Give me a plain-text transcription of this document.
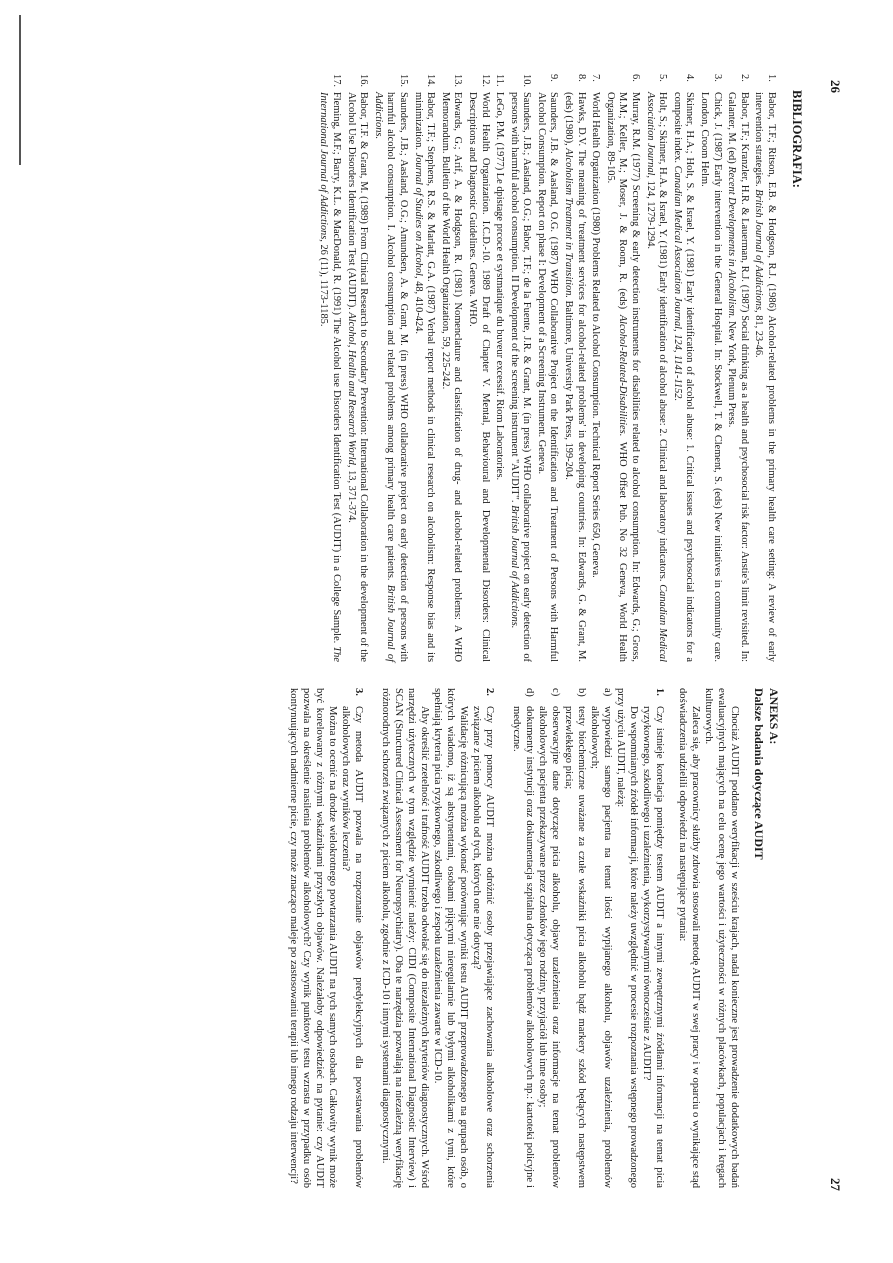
26
BIBLIOGRAFIA:
1.
Babor, T.F.; Ritson, E.B. & Hodgson, R.J. (1986) Alcohol-related problems in the primary health care setting: A review of early intervention strategies. British Journal of Addictions, 81, 23-46.
2.
Babor, T.F.; Kranzler, H.R. & Lauerman, R.J. (1987) Social drinking as a health and psychosocial risk factor: Anstie's limit revisited. In: Galanter, M. (ed) Recent Developments in Alcoholism. New York, Plenum Press.
3.
Chick, J. (1987) Early intervention in the General Hospital. In: Stockwell, T. & Clement, S. (eds) New initiatives in community care. London, Croom Helm.
4.
Skinner, H.A.; Holt, S. & Israel, Y. (1981) Early identification of alcohol abuse: 1. Critical issues and psychosocial indicators for a composite index. Canadian Medical Association Journal, 124, 1141-1152.
5.
Holt, S.; Skinner, H.A. & Israel, Y. (1981) Early identification of alcohol abuse: 2. Clinical and laboratory indicators. Canadian Medical Association Journal, 124, 1279-1294.
6.
Murray, R.M. (1977) Screening & early detection instruments for disabilities related to alcohol consumption. In: Edwards, G.; Gross, M.M.; Keller, M.; Moser, J. & Room, R. (eds) Alcohol-Related-Disabilities. WHO Offset Pub. No 32 Geneva, World Health Organization, 89-105.
7.
World Health Organization (1980) Problems Related to Alcohol Consumption. Technical Report Series 650, Geneva.
8.
Hawks, D.V. The meaning of 'treatment services for alcohol-related problems' in developing countries. In: Edwards, G. & Grant, M. (eds) (1980), Alcoholism Treatment in Transition. Baltimore, University Park Press, 199-204.
9.
Saunders, J.B. & Aasland, O.G. (1987) WHO Collaborative Project on the Identification and Treatment of Persons with Harmful Alcohol Consumption. Report on phase I: Development of a Screening Instrument. Geneva.
10.
Saunders, J.B.; Aasland, O.G.; Babor, T.F.; de la Fuente, J.R. & Grant, M. (in press) WHO collaborative project on early detection of persons with harmful alcohol consumption. II Development of the screening instrument "AUDIT". British Journal of Addictions.
11.
LeGo, P.M. (1977) Le dpistage prcoce et systmatique du buveur excessif. Riom Laboratories.
12.
World Health Organization. I.C.D.-10. 1989 Draft of Chapter V. Mental, Behavioural and Developmental Disorders: Clinical Descriptions and Diagnostic Guidelines. Geneva. WHO.
13.
Edwards, G.; Arif, A. & Hodgson, R. (1981) Nomenclature and classification of drug- and alcohol-related problems: A WHO Memorandum. Bulletin of the World Health Organization, 59, 225-242.
14.
Babor, T.F.; Stephens, R.S. & Marlatt, G.A. (1987) Verbal report methods in clinical research on alcoholism: Response bias and its minimization. Journal of Studies on Alcohol, 48, 410-424.
15.
Saunders, J.B.; Aasland, O.G.; Amundsen, A. & Grant, M. (in press) WHO collaborative project on early detection of persons with harmful alcohol consumption. I. Alcohol consumption and related problems among primary health care patients. British Journal of Addictions.
16.
Babor, T.F. & Grant, M. (1989) From Clinical Research to Secondary Prevention: International Collaboration in the development of the Alcohol Use Disorders Identification Test (AUDIT). Alcohol, Health and Research World, 13, 371-374.
17.
Fleming, M.F.; Barry, K.L. & MacDonald, R. (1991) The Alcohol use Disorders Identification Test (AUDIT) in a College Sample. The International Journal of Addictions, 26 (11), 1173-1185.
27
ANEKS A:
Dalsze badania dotyczące AUDIT

Chociaż AUDIT poddano weryfikacji w sześciu krajach, nadal konieczne jest prowadzenie dodatkowych badań ewaluacyjnych mających na celu ocenę jego wartości i użyteczności w różnych placówkach, populacjach i kręgach kulturowych.

Zaleca się, aby pracownicy służby zdrowia stosowali metodę AUDIT w swej pracy i w oparciu o wynikające stąd doświadczenia udzielili odpowiedzi na następujące pytania:

1.

Czy istnieje korelacja pomiędzy testem AUDIT a innymi zewnętrznymi źródłami informacji na temat picia ryzykownego, szkodliwego i uzależnienia, wykorzystywanymi równocześnie z AUDIT?

Do wspomnianych źródeł informacji, które należy uwzględnić w procesie rozpoznania wstępnego prowadzonego przy użyciu AUDIT, należą:

a)
wypowiedzi samego pacjenta na temat ilości wypijanego alkoholu, objawów uzależnienia, problemów alkoholowych;
b)
testy biochemiczne uważane za czułe wskaźniki picia alkoholu bądź markery szkód będących następstwem przewlekłego picia;
c)
obserwacyjne dane dotyczące picia alkoholu, objawy uzależnienia oraz informacje na temat problemów alkoholowych pacjenta przekazywane przez członków jego rodziny, przyjaciół lub inne osoby;
d)
dokumenty instytucji oraz dokumentacja szpitalna dotycząca problemów alkoholowych np.: kartoteki policyjne i medyczne.
2.

Czy przy pomocy AUDIT można odróżnić osoby przejawiające zachowania alkoholowe oraz schorzenia związane z piciem alkoholu od tych, których one nie dotyczą?

Walidację różnicującą można wykonać porównując wyniki testu AUDIT przeprowadzonego na grupach osób, o których wiadomo, iż są abstynentami, osobami pijącymi nieregularnie lub byłymi alkoholikami z tymi, które spełniają kryteria picia ryzykownego, szkodliwego i zespołu uzależnienia zawarte w ICD-10.

Aby określić rzetelność i trafność AUDIT trzeba odwołać się do niezależnych kryteriów diagnostycznych. Wśród narzędzi użytecznych w tym względzie wymienić należy: CIDI (Composite International Diagnostic Interview) i SCAN (Structured Clinical Assessment for Neuropsychiatry). Oba te narzędzia pozwalają na niezależną weryfikację różnorodnych schorzeń związanych z piciem alkoholu, zgodnie z ICD-10 i innymi systemami diagnostycznymi.

3.

Czy metoda AUDIT pozwala na rozpoznanie objawów predylekcyjnych dla powstawania problemów alkoholowych oraz wyników leczenia?

Można to ocenić na drodze wielokrotnego powtarzania AUDIT na tych samych osobach. Całkowity wynik może być korelowany z różnymi wskaźnikami przyszłych objawów. Należałoby odpowiedzieć na pytanie: czy AUDIT pozwala na określenie nasilenia problemów alkoholowych? Czy wynik punktowy testu wzrasta w przypadku osób kontynuujących nadmierne picie, czy może znacząco maleje po zastosowaniu terapii lub innego rodzaju interwencji?
